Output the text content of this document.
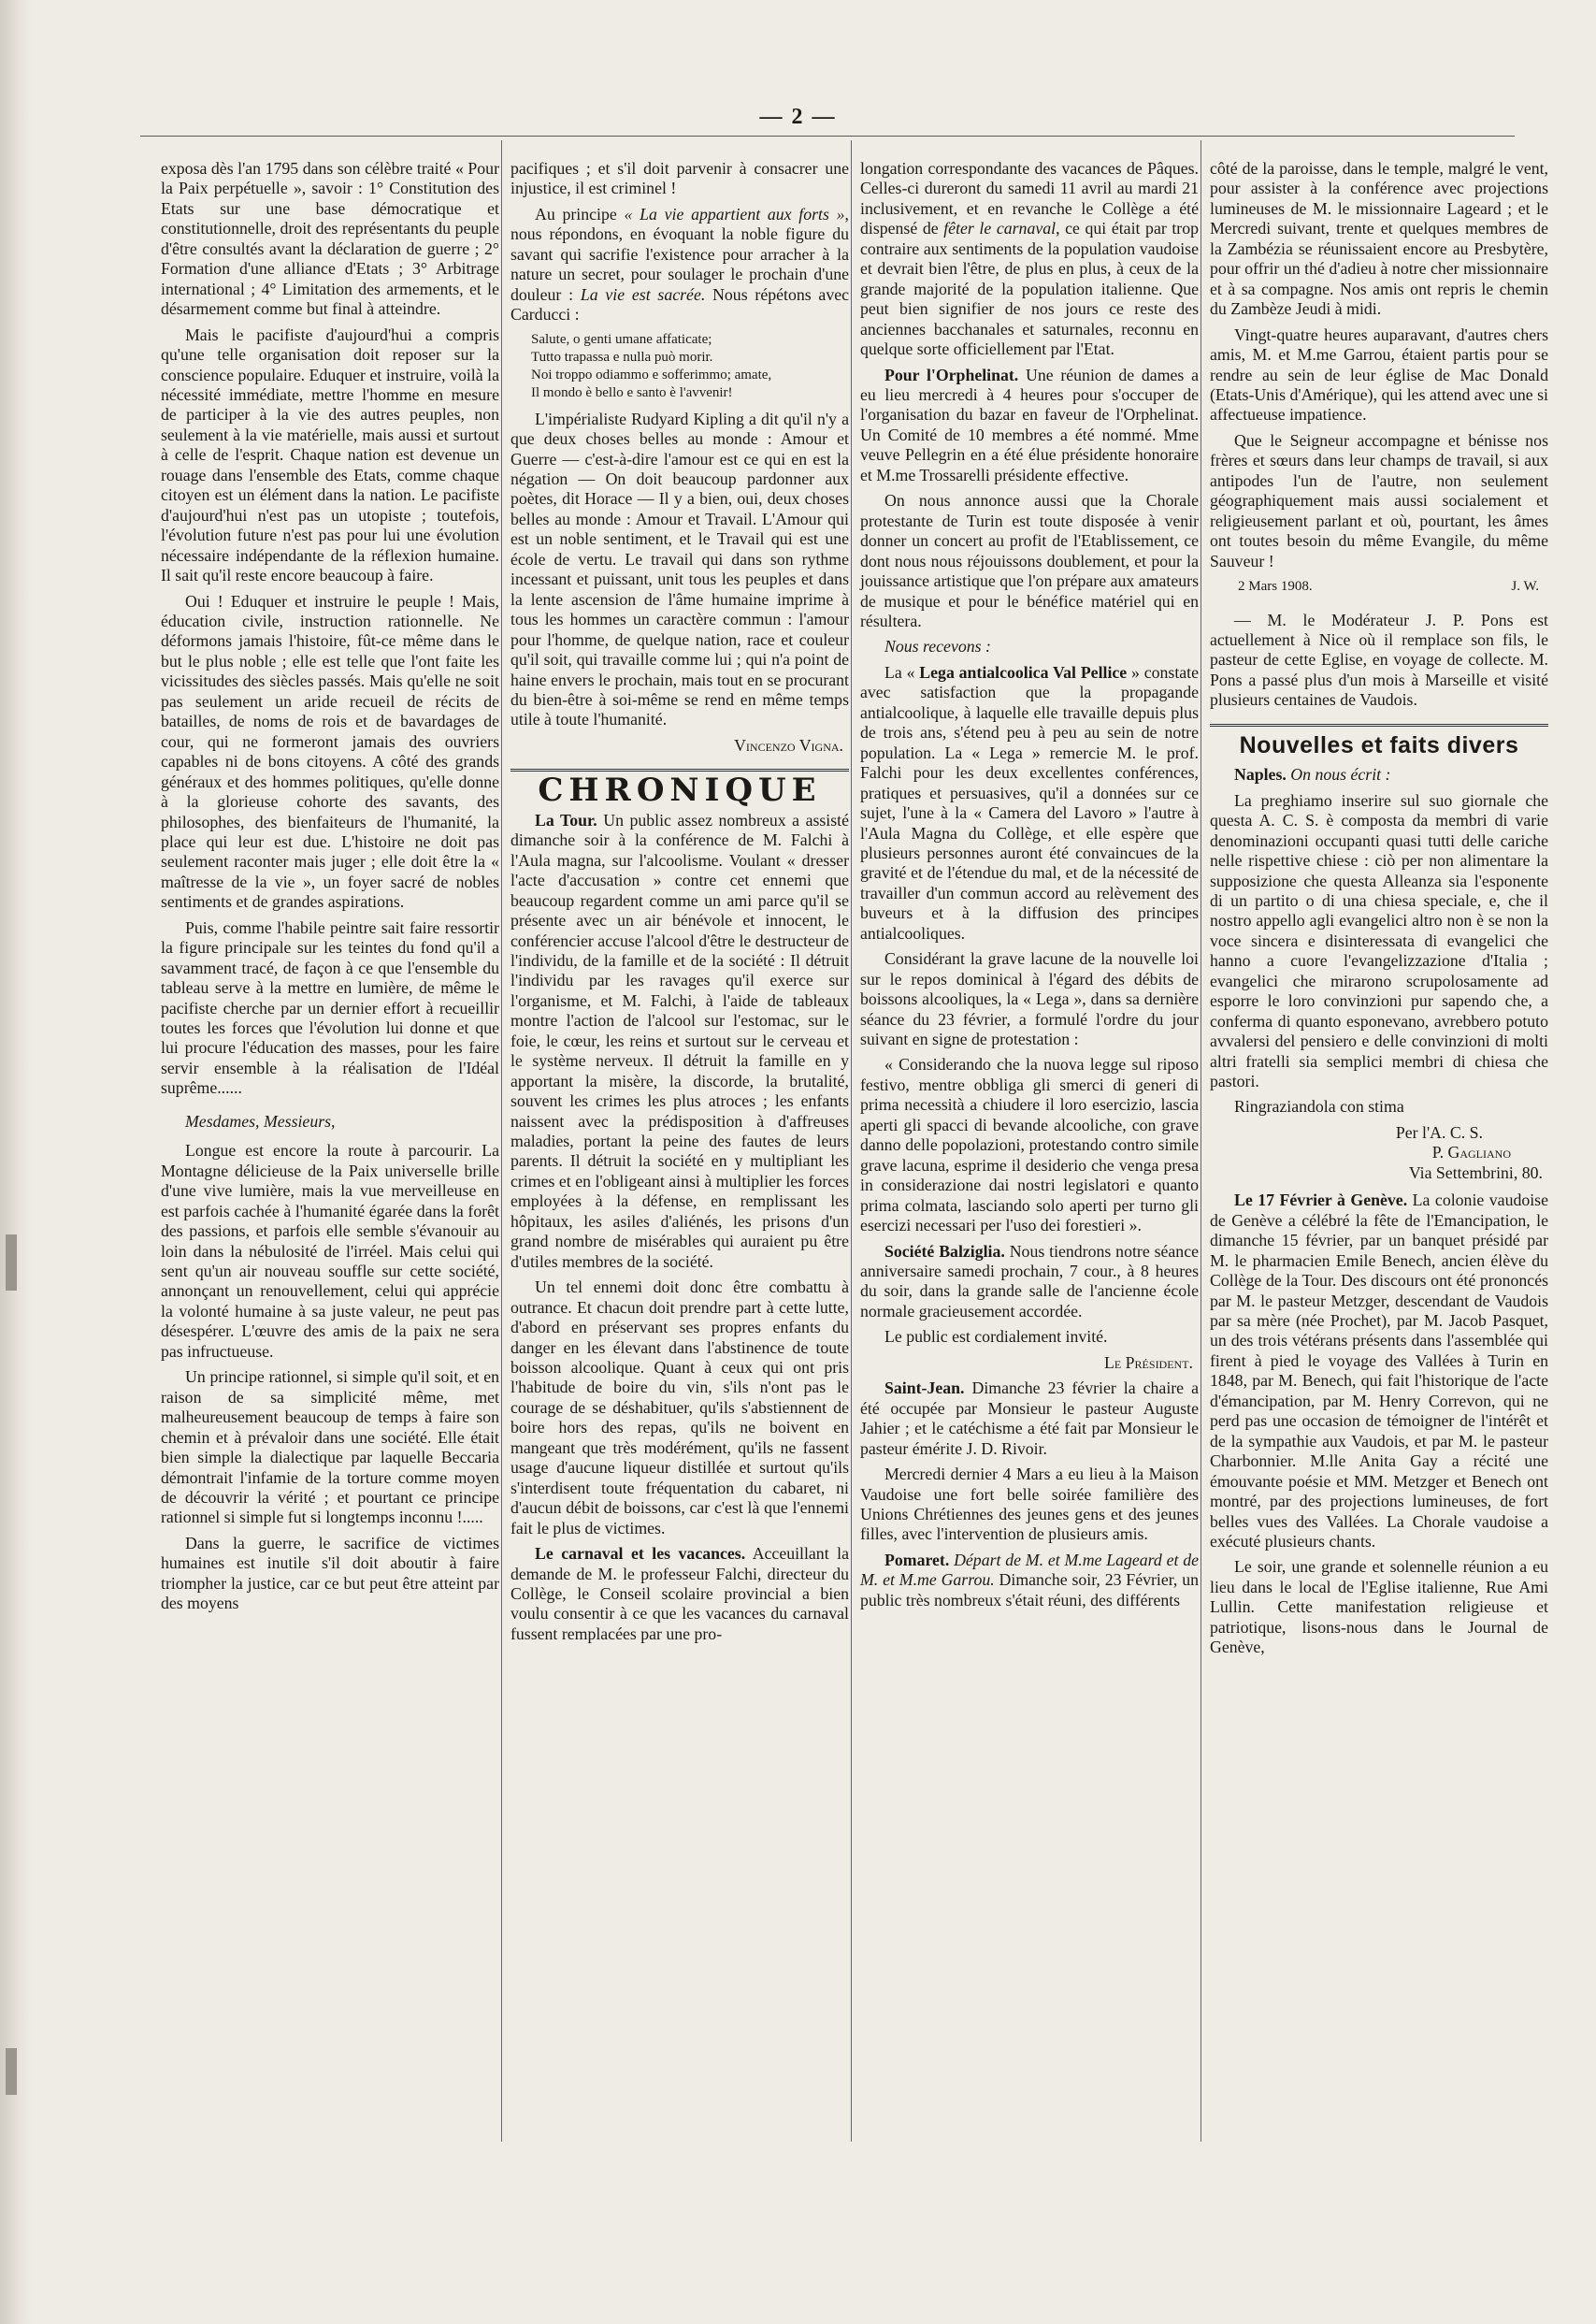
— 2 —

exposa dès l'an 1795 dans son célèbre traité « Pour la Paix perpétuelle », savoir : 1° Constitution des Etats sur une base démocratique et constitutionnelle, droit des représentants du peuple d'être consultés avant la déclaration de guerre ; 2° Formation d'une alliance d'Etats ; 3° Arbitrage international ; 4° Limitation des armements, et le désarmement comme but final à atteindre.

Mais le pacifiste d'aujourd'hui a compris qu'une telle organisation doit reposer sur la conscience populaire. Eduquer et instruire, voilà la nécessité immédiate, mettre l'homme en mesure de participer à la vie des autres peuples, non seulement à la vie matérielle, mais aussi et surtout à celle de l'esprit. Chaque nation est devenue un rouage dans l'ensemble des Etats, comme chaque citoyen est un élément dans la nation. Le pacifiste d'aujourd'hui n'est pas un utopiste ; toutefois, l'évolution future n'est pas pour lui une évolution nécessaire indépendante de la réflexion humaine. Il sait qu'il reste encore beaucoup à faire.

Oui ! Eduquer et instruire le peuple ! Mais, éducation civile, instruction rationnelle. Ne déformons jamais l'histoire, fût-ce même dans le but le plus noble ; elle est telle que l'ont faite les vicissitudes des siècles passés. Mais qu'elle ne soit pas seulement un aride recueil de récits de batailles, de noms de rois et de bavardages de cour, qui ne formeront jamais des ouvriers capables ni de bons citoyens. A côté des grands généraux et des hommes politiques, qu'elle donne à la glorieuse cohorte des savants, des philosophes, des bienfaiteurs de l'humanité, la place qui leur est due. L'histoire ne doit pas seulement raconter mais juger ; elle doit être la « maîtresse de la vie », un foyer sacré de nobles sentiments et de grandes aspirations.

Puis, comme l'habile peintre sait faire ressortir la figure principale sur les teintes du fond qu'il a savamment tracé, de façon à ce que l'ensemble du tableau serve à la mettre en lumière, de même le pacifiste cherche par un dernier effort à recueillir toutes les forces que l'évolution lui donne et que lui procure l'éducation des masses, pour les faire servir ensemble à la réalisation de l'Idéal suprême......

Mesdames, Messieurs,

Longue est encore la route à parcourir. La Montagne délicieuse de la Paix universelle brille d'une vive lumière, mais la vue merveilleuse en est parfois cachée à l'humanité égarée dans la forêt des passions, et parfois elle semble s'évanouir au loin dans la nébulosité de l'irréel. Mais celui qui sent qu'un air nouveau souffle sur cette société, annonçant un renouvellement, celui qui apprécie la volonté humaine à sa juste valeur, ne peut pas désespérer. L'œuvre des amis de la paix ne sera pas infructueuse.

Un principe rationnel, si simple qu'il soit, et en raison de sa simplicité même, met malheureusement beaucoup de temps à faire son chemin et à prévaloir dans une société. Elle était bien simple la dialectique par laquelle Beccaria démontrait l'infamie de la torture comme moyen de découvrir la vérité ; et pourtant ce principe rationnel si simple fut si longtemps inconnu !.....

Dans la guerre, le sacrifice de victimes humaines est inutile s'il doit aboutir à faire triompher la justice, car ce but peut être atteint par des moyens

pacifiques ; et s'il doit parvenir à consacrer une injustice, il est criminel !

Au principe « La vie appartient aux forts », nous répondons, en évoquant la noble figure du savant qui sacrifie l'existence pour arracher à la nature un secret, pour soulager le prochain d'une douleur : La vie est sacrée. Nous répétons avec Carducci :

Salute, o genti umane affaticate;
Tutto trapassa e nulla può morir.
Noi troppo odiammo e sofferimmo; amate,
Il mondo è bello e santo è l'avvenir!

L'impérialiste Rudyard Kipling a dit qu'il n'y a que deux choses belles au monde : Amour et Guerre — c'est-à-dire l'amour est ce qui en est la négation — On doit beaucoup pardonner aux poètes, dit Horace — Il y a bien, oui, deux choses belles au monde : Amour et Travail. L'Amour qui est un noble sentiment, et le Travail qui est une école de vertu. Le travail qui dans son rythme incessant et puissant, unit tous les peuples et dans la lente ascension de l'âme humaine imprime à tous les hommes un caractère commun : l'amour pour l'homme, de quelque nation, race et couleur qu'il soit, qui travaille comme lui ; qui n'a point de haine envers le prochain, mais tout en se procurant du bien-être à soi-même se rend en même temps utile à toute l'humanité.

Vincenzo Vigna.

CHRONIQUE

La Tour. Un public assez nombreux a assisté dimanche soir à la conférence de M. Falchi à l'Aula magna, sur l'alcoolisme. Voulant « dresser l'acte d'accusation » contre cet ennemi que beaucoup regardent comme un ami parce qu'il se présente avec un air bénévole et innocent, le conférencier accuse l'alcool d'être le destructeur de l'individu, de la famille et de la société : Il détruit l'individu par les ravages qu'il exerce sur l'organisme, et M. Falchi, à l'aide de tableaux montre l'action de l'alcool sur l'estomac, sur le foie, le cœur, les reins et surtout sur le cerveau et le système nerveux. Il détruit la famille en y apportant la misère, la discorde, la brutalité, souvent les crimes les plus atroces ; les enfants naissent avec la prédisposition à d'affreuses maladies, portant la peine des fautes de leurs parents. Il détruit la société en y multipliant les crimes et en l'obligeant ainsi à multiplier les forces employées à la défense, en remplissant les hôpitaux, les asiles d'aliénés, les prisons d'un grand nombre de misérables qui auraient pu être d'utiles membres de la société.

Un tel ennemi doit donc être combattu à outrance. Et chacun doit prendre part à cette lutte, d'abord en préservant ses propres enfants du danger en les élevant dans l'abstinence de toute boisson alcoolique. Quant à ceux qui ont pris l'habitude de boire du vin, s'ils n'ont pas le courage de se déshabituer, qu'ils s'abstiennent de boire hors des repas, qu'ils ne boivent en mangeant que très modérément, qu'ils ne fassent usage d'aucune liqueur distillée et surtout qu'ils s'interdisent toute fréquentation du cabaret, ni d'aucun débit de boissons, car c'est là que l'ennemi fait le plus de victimes.

Le carnaval et les vacances. Acceuillant la demande de M. le professeur Falchi, directeur du Collège, le Conseil scolaire provincial a bien voulu consentir à ce que les vacances du carnaval fussent remplacées par une pro-

longation correspondante des vacances de Pâques. Celles-ci dureront du samedi 11 avril au mardi 21 inclusivement, et en revanche le Collège a été dispensé de fêter le carnaval, ce qui était par trop contraire aux sentiments de la population vaudoise et devrait bien l'être, de plus en plus, à ceux de la grande majorité de la population italienne. Que peut bien signifier de nos jours ce reste des anciennes bacchanales et saturnales, reconnu en quelque sorte officiellement par l'Etat.

Pour l'Orphelinat. Une réunion de dames a eu lieu mercredi à 4 heures pour s'occuper de l'organisation du bazar en faveur de l'Orphelinat. Un Comité de 10 membres a été nommé. Mme veuve Pellegrin en a été élue présidente honoraire et M.me Trossarelli présidente effective.

On nous annonce aussi que la Chorale protestante de Turin est toute disposée à venir donner un concert au profit de l'Etablissement, ce dont nous nous réjouissons doublement, et pour la jouissance artistique que l'on prépare aux amateurs de musique et pour le bénéfice matériel qui en résultera.

Nous recevons :

La « Lega antialcoolica Val Pellice » constate avec satisfaction que la propagande antialcoolique, à laquelle elle travaille depuis plus de trois ans, s'étend peu à peu au sein de notre population. La « Lega » remercie M. le prof. Falchi pour les deux excellentes conférences, pratiques et persuasives, qu'il a données sur ce sujet, l'une à la « Camera del Lavoro » l'autre à l'Aula Magna du Collège, et elle espère que plusieurs personnes auront été convaincues de la gravité et de l'étendue du mal, et de la nécessité de travailler d'un commun accord au relèvement des buveurs et à la diffusion des principes antialcooliques.

Considérant la grave lacune de la nouvelle loi sur le repos dominical à l'égard des débits de boissons alcooliques, la « Lega », dans sa dernière séance du 23 février, a formulé l'ordre du jour suivant en signe de protestation :

« Considerando che la nuova legge sul riposo festivo, mentre obbliga gli smerci di generi di prima necessità a chiudere il loro esercizio, lascia aperti gli spacci di bevande alcooliche, con grave danno delle popolazioni, protestando contro simile grave lacuna, esprime il desiderio che venga presa in considerazione dai nostri legislatori e quanto prima colmata, lasciando solo aperti per turno gli esercizi necessari per l'uso dei forestieri ».

Société Balziglia. Nous tiendrons notre séance anniversaire samedi prochain, 7 cour., à 8 heures du soir, dans la grande salle de l'ancienne école normale gracieusement accordée.

Le public est cordialement invité.

Le Président.

Saint-Jean. Dimanche 23 février la chaire a été occupée par Monsieur le pasteur Auguste Jahier ; et le catéchisme a été fait par Monsieur le pasteur émérite J. D. Rivoir.

Mercredi dernier 4 Mars a eu lieu à la Maison Vaudoise une fort belle soirée familière des Unions Chrétiennes des jeunes gens et des jeunes filles, avec l'intervention de plusieurs amis.

Pomaret. Départ de M. et M.me Lageard et de M. et M.me Garrou. Dimanche soir, 23 Février, un public très nombreux s'était réuni, des différents

côté de la paroisse, dans le temple, malgré le vent, pour assister à la conférence avec projections lumineuses de M. le missionnaire Lageard ; et le Mercredi suivant, trente et quelques membres de la Zambézia se réunissaient encore au Presbytère, pour offrir un thé d'adieu à notre cher missionnaire et à sa compagne. Nos amis ont repris le chemin du Zambèze Jeudi à midi.

Vingt-quatre heures auparavant, d'autres chers amis, M. et M.me Garrou, étaient partis pour se rendre au sein de leur église de Mac Donald (Etats-Unis d'Amérique), qui les attend avec une si affectueuse impatience.

Que le Seigneur accompagne et bénisse nos frères et sœurs dans leur champs de travail, si aux antipodes l'un de l'autre, non seulement géographiquement mais aussi socialement et religieusement parlant et où, pourtant, les âmes ont toutes besoin du même Evangile, du même Sauveur !

2 Mars 1908.	J. W.

— M. le Modérateur J. P. Pons est actuellement à Nice où il remplace son fils, le pasteur de cette Eglise, en voyage de collecte. M. Pons a passé plus d'un mois à Marseille et visité plusieurs centaines de Vaudois.

Nouvelles et faits divers

Naples. On nous écrit :

La preghiamo inserire sul suo giornale che questa A. C. S. è composta da membri di varie denominazioni occupanti quasi tutti delle cariche nelle rispettive chiese : ciò per non alimentare la supposizione che questa Alleanza sia l'esponente di un partito o di una chiesa speciale, e, che il nostro appello agli evangelici altro non è se non la voce sincera e disinteressata di evangelici che hanno a cuore l'evangelizzazione d'Italia ; evangelici che mirarono scrupolosamente ad esporre le loro convinzioni pur sapendo che, a conferma di quanto esponevano, avrebbero potuto avvalersi del pensiero e delle convinzioni di molti altri fratelli sia semplici membri di chiesa che pastori.

Ringraziandola con stima

Per l'A. C. S.
P. Gagliano
Via Settembrini, 80.

Le 17 Février à Genève. La colonie vaudoise de Genève a célébré la fête de l'Emancipation, le dimanche 15 février, par un banquet présidé par M. le pharmacien Emile Benech, ancien élève du Collège de la Tour. Des discours ont été prononcés par M. le pasteur Metzger, descendant de Vaudois par sa mère (née Prochet), par M. Jacob Pasquet, un des trois vétérans présents dans l'assemblée qui firent à pied le voyage des Vallées à Turin en 1848, par M. Benech, qui fait l'historique de l'acte d'émancipation, par M. Henry Correvon, qui ne perd pas une occasion de témoigner de l'intérêt et de la sympathie aux Vaudois, et par M. le pasteur Charbonnier. M.lle Anita Gay a récité une émouvante poésie et MM. Metzger et Benech ont montré, par des projections lumineuses, de fort belles vues des Vallées. La Chorale vaudoise a exécuté plusieurs chants.

Le soir, une grande et solennelle réunion a eu lieu dans le local de l'Eglise italienne, Rue Ami Lullin. Cette manifestation religieuse et patriotique, lisons-nous dans le Journal de Genève,
